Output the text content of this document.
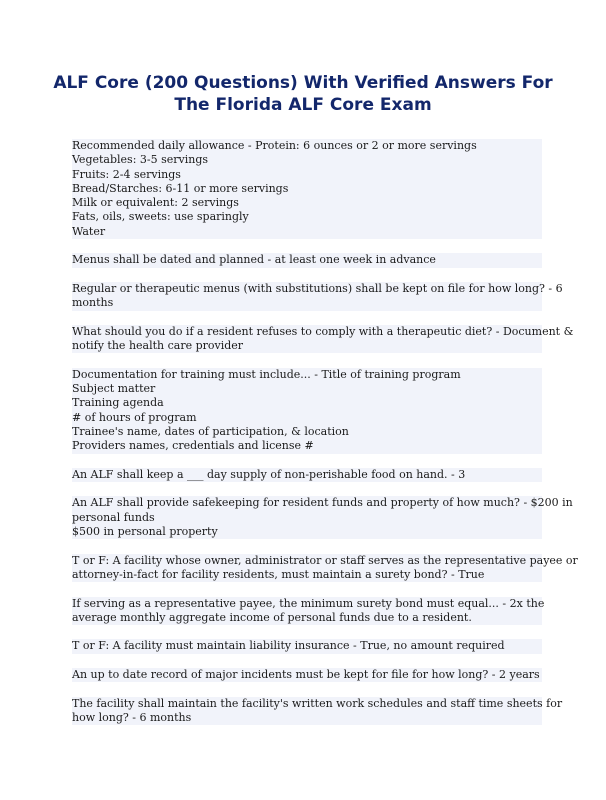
ALF Core (200 Questions) With Verified Answers For
The Florida ALF Core Exam
Recommended daily allowance - Protein: 6 ounces or 2 or more servings
Vegetables: 3-5 servings
Fruits: 2-4 servings
Bread/Starches: 6-11 or more servings
Milk or equivalent: 2 servings
Fats, oils, sweets: use sparingly
Water
Menus shall be dated and planned - at least one week in advance
Regular or therapeutic menus (with substitutions) shall be kept on file for how long? - 6
months
What should you do if a resident refuses to comply with a therapeutic diet? - Document &
notify the health care provider
Documentation for training must include... - Title of training program
Subject matter
Training agenda
# of hours of program
Trainee's name, dates of participation, & location
Providers names, credentials and license #
An ALF shall keep a ___ day supply of non-perishable food on hand. - 3
An ALF shall provide safekeeping for resident funds and property of how much? - $200 in
personal funds
$500 in personal property
T or F: A facility whose owner, administrator or staff serves as the representative payee or
attorney-in-fact for facility residents, must maintain a surety bond? - True
If serving as a representative payee, the minimum surety bond must equal... - 2x the
average monthly aggregate income of personal funds due to a resident.
T or F: A facility must maintain liability insurance - True, no amount required
An up to date record of major incidents must be kept for file for how long? - 2 years
The facility shall maintain the facility's written work schedules and staff time sheets for
how long? - 6 months
